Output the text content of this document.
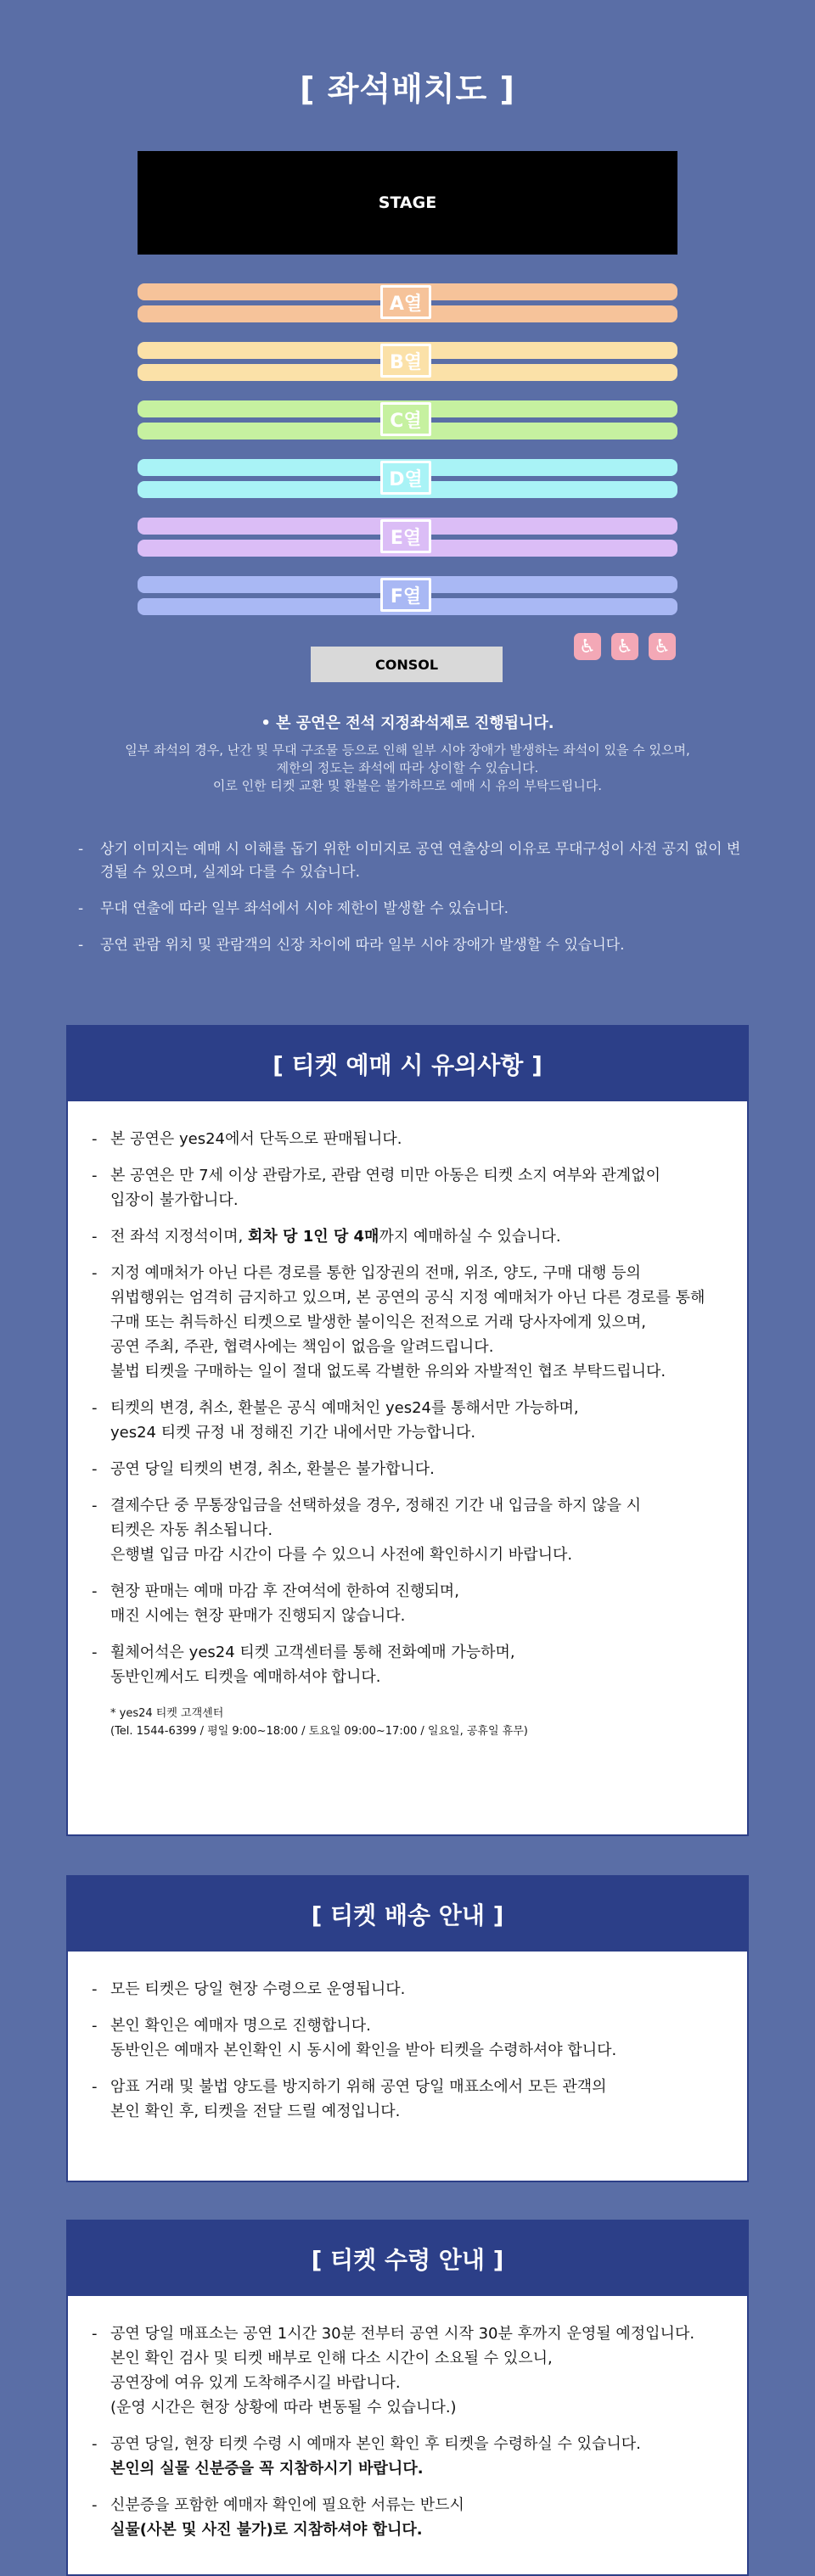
[ 좌석배치도 ]
STAGE
A열
B열
C열
D열
E열
F열
CONSOL
♿ ♿ ♿
• 본 공연은 전석 지정좌석제로 진행됩니다.
일부 좌석의 경우, 난간 및 무대 구조물 등으로 인해 일부 시야 장애가 발생하는 좌석이 있을 수 있으며,
제한의 정도는 좌석에 따라 상이할 수 있습니다.
이로 인한 티켓 교환 및 환불은 불가하므로 예매 시 유의 부탁드립니다.
- 상기 이미지는 예매 시 이해를 돕기 위한 이미지로 공연 연출상의 이유로 무대구성이 사전 공지 없이 변경될 수 있으며, 실제와 다를 수 있습니다.
- 무대 연출에 따라 일부 좌석에서 시야 제한이 발생할 수 있습니다.
- 공연 관람 위치 및 관람객의 신장 차이에 따라 일부 시야 장애가 발생할 수 있습니다.
[ 티켓 예매 시 유의사항 ]
- 본 공연은 yes24에서 단독으로 판매됩니다.
- 본 공연은 만 7세 이상 관람가로, 관람 연령 미만 아동은 티켓 소지 여부와 관계없이
입장이 불가합니다.
- 전 좌석 지정석이며, 회차 당 1인 당 4매까지 예매하실 수 있습니다.
- 지정 예매처가 아닌 다른 경로를 통한 입장권의 전매, 위조, 양도, 구매 대행 등의
위법행위는 엄격히 금지하고 있으며, 본 공연의 공식 지정 예매처가 아닌 다른 경로를 통해
구매 또는 취득하신 티켓으로 발생한 불이익은 전적으로 거래 당사자에게 있으며,
공연 주최, 주관, 협력사에는 책임이 없음을 알려드립니다.
불법 티켓을 구매하는 일이 절대 없도록 각별한 유의와 자발적인 협조 부탁드립니다.
- 티켓의 변경, 취소, 환불은 공식 예매처인 yes24를 통해서만 가능하며,
yes24 티켓 규정 내 정해진 기간 내에서만 가능합니다.
- 공연 당일 티켓의 변경, 취소, 환불은 불가합니다.
- 결제수단 중 무통장입금을 선택하셨을 경우, 정해진 기간 내 입금을 하지 않을 시
티켓은 자동 취소됩니다.
은행별 입금 마감 시간이 다를 수 있으니 사전에 확인하시기 바랍니다.
- 현장 판매는 예매 마감 후 잔여석에 한하여 진행되며,
매진 시에는 현장 판매가 진행되지 않습니다.
- 휠체어석은 yes24 티켓 고객센터를 통해 전화예매 가능하며,
동반인께서도 티켓을 예매하셔야 합니다.
* yes24 티켓 고객센터
(Tel. 1544-6399 / 평일 9:00~18:00 / 토요일 09:00~17:00 / 일요일, 공휴일 휴무)
[ 티켓 배송 안내 ]
- 모든 티켓은 당일 현장 수령으로 운영됩니다.
- 본인 확인은 예매자 명으로 진행합니다.
동반인은 예매자 본인확인 시 동시에 확인을 받아 티켓을 수령하셔야 합니다.
- 암표 거래 및 불법 양도를 방지하기 위해 공연 당일 매표소에서 모든 관객의
본인 확인 후, 티켓을 전달 드릴 예정입니다.
[ 티켓 수령 안내 ]
- 공연 당일 매표소는 공연 1시간 30분 전부터 공연 시작 30분 후까지 운영될 예정입니다.
본인 확인 검사 및 티켓 배부로 인해 다소 시간이 소요될 수 있으니,
공연장에 여유 있게 도착해주시길 바랍니다.
(운영 시간은 현장 상황에 따라 변동될 수 있습니다.)
- 공연 당일, 현장 티켓 수령 시 예매자 본인 확인 후 티켓을 수령하실 수 있습니다.
본인의 실물 신분증을 꼭 지참하시기 바랍니다.
- 신분증을 포함한 예매자 확인에 필요한 서류는 반드시
실물(사본 및 사진 불가)로 지참하셔야 합니다.
